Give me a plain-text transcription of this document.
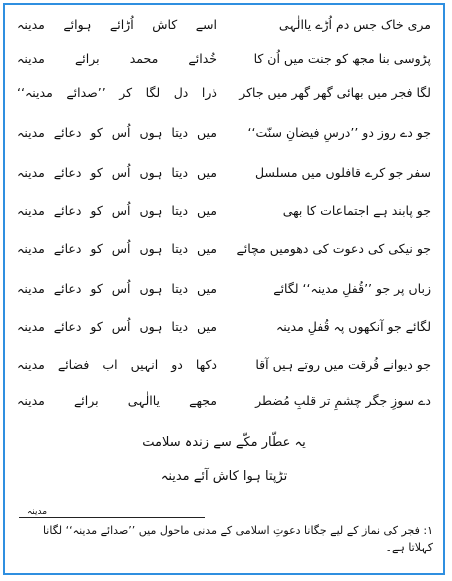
مری خاک جس دم اُڑے یاالٰہی
اسے کاش اُڑائے ہوائے مدینہ
پڑوسی بنا مجھ کو جنت میں اُن کا
خُدائے محمد برائے مدینہ
لگا فجر میں بھائی گھر گھر میں جاکر
ذرا دل لگا کر ’’صدائے مدینہ‘‘
جو دے روز دو ’’درسِ فیضانِ سنّت‘‘
میں دیتا ہوں اُس کو دعائے مدینہ
سفر جو کرے قافلوں میں مسلسل
میں دیتا ہوں اُس کو دعائے مدینہ
جو پابند ہے اجتماعات کا بھی
میں دیتا ہوں اُس کو دعائے مدینہ
جو نیکی کی دعوت کی دھومیں مچائے
میں دیتا ہوں اُس کو دعائے مدینہ
زباں پر جو ’’قُفلِ مدینہ‘‘ لگائے
میں دیتا ہوں اُس کو دعائے مدینہ
لگائے جو آنکھوں پہ قُفلِ مدینہ
میں دیتا ہوں اُس کو دعائے مدینہ
جو دیوانے فُرقت میں روتے ہیں آقا
دکھا دو انہیں اب فضائے مدینہ
دے سوزِ جگر چشمِ تر قلبِ مُضطر
مجھے یاالٰہی برائے مدینہ
یہ عطّار مکّے سے زندہ سلامت
تڑپتا ہوا کاش آئے مدینہ
مدینہ
۱: فجر کی نماز کے لیے جگانا دعوتِ اسلامی کے مدنی ماحول میں ’’صدائے مدینہ‘‘ لگانا کہلاتا ہے۔
